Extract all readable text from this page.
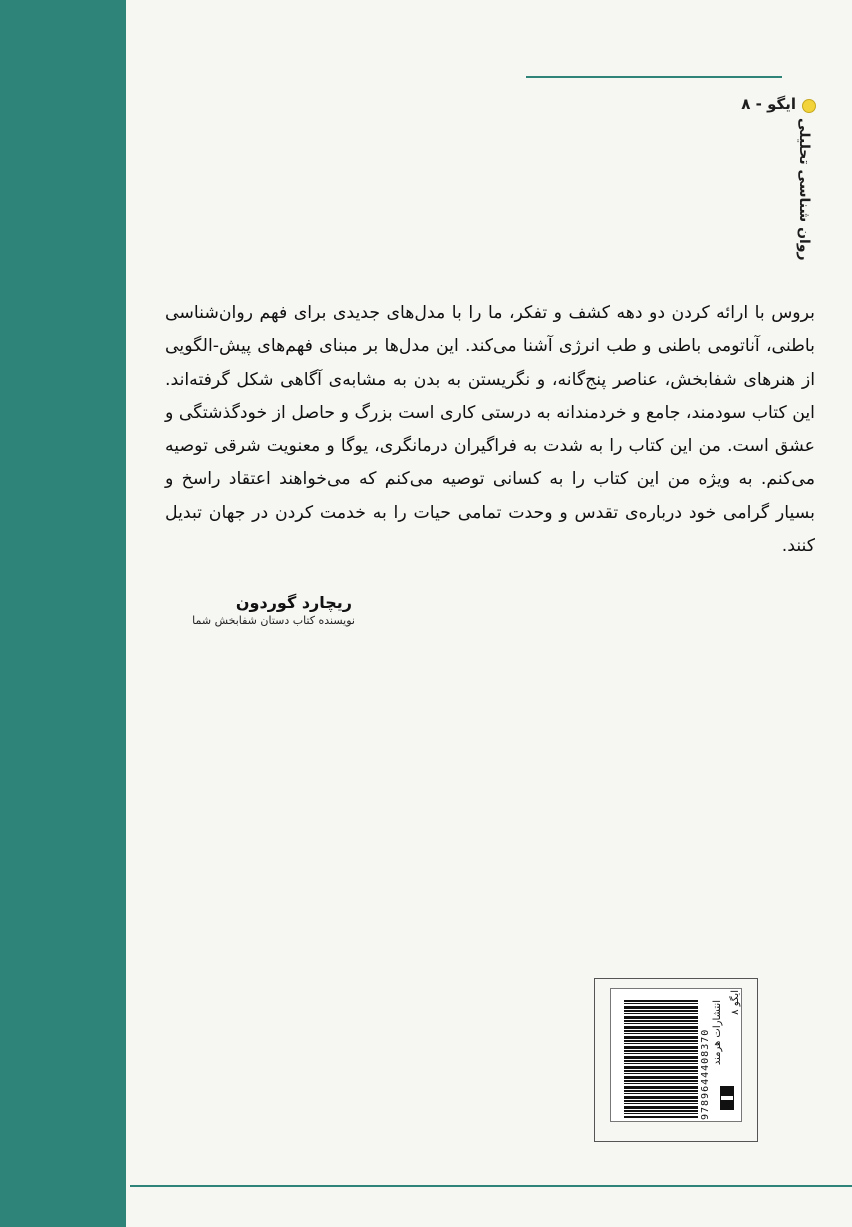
ایگو - ۸
روان شناسی تحلیلی
بروس با ارائه کردن دو دهه کشف و تفکر، ما را با مدل‌های جدیدی برای فهم روان‌شناسی باطنی، آناتومی باطنی و طب انرژی آشنا می‌کند. این مدل‌ها بر مبنای فهم‌های پیش‌-الگویی از هنرهای شفابخش، عناصر پنج‌گانه، و نگریستن به بدن به مشابه‌ی آگاهی شکل گرفته‌اند. این کتاب سودمند، جامع و خردمندانه به درستی کاری است بزرگ و حاصل از خودگذشتگی و عشق است. من این کتاب را به شدت به فراگیران درمانگری، یوگا و معنویت شرقی توصیه می‌کنم. به ویژه من این کتاب را به کسانی توصیه می‌کنم که می‌خواهند اعتقاد راسخ و بسیار گرامی خود درباره‌ی تقدس و وحدت تمامی حیات را به خدمت کردن در جهان تبدیل کنند.
ریچارد گوردون
نویسنده کتاب دستان شفابخش شما
9789644408370 انتشارات هرمند ایگو ۸
